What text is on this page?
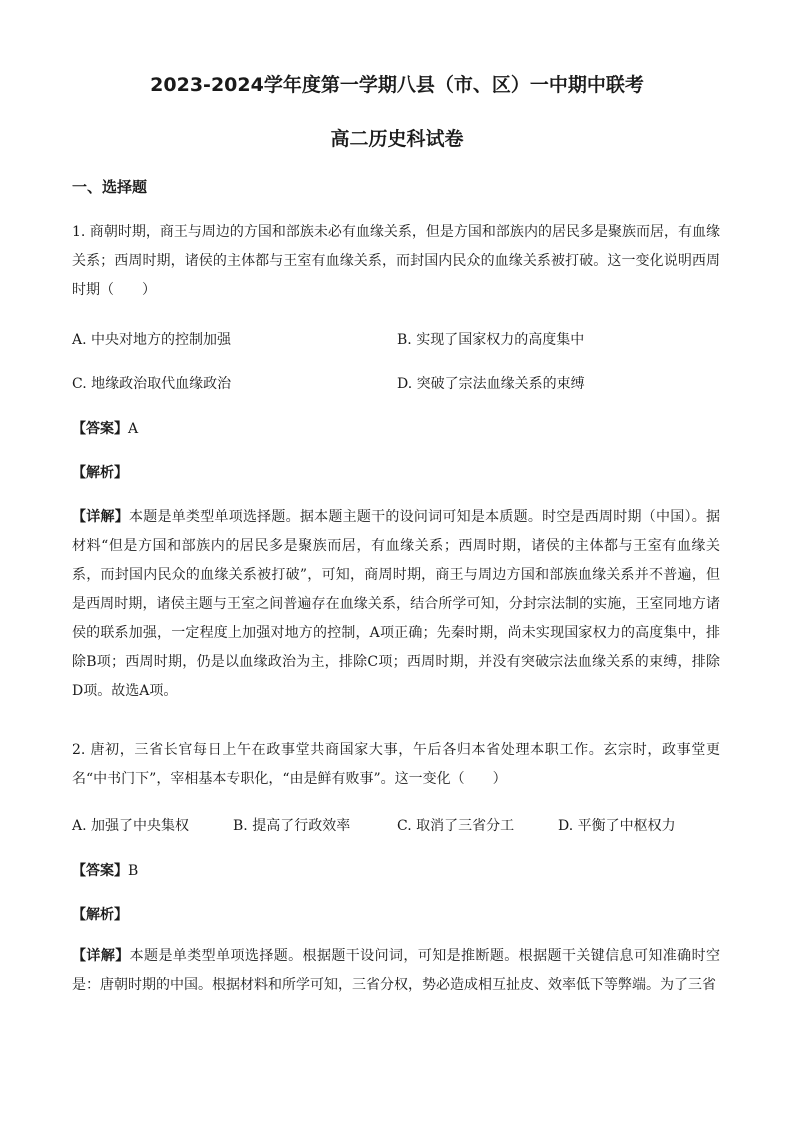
2023-2024学年度第一学期八县（市、区）一中期中联考
高二历史科试卷
一、选择题
1. 商朝时期，商王与周边的方国和部族未必有血缘关系，但是方国和部族内的居民多是聚族而居，有血缘关系；西周时期，诸侯的主体都与王室有血缘关系，而封国内民众的血缘关系被打破。这一变化说明西周时期（　　）
A. 中央对地方的控制加强	B. 实现了国家权力的高度集中
C. 地缘政治取代血缘政治	D. 突破了宗法血缘关系的束缚
【答案】A
【解析】
【详解】本题是单类型单项选择题。据本题主题干的设问词可知是本质题。时空是西周时期（中国）。据材料“但是方国和部族内的居民多是聚族而居，有血缘关系；西周时期，诸侯的主体都与王室有血缘关系，而封国内民众的血缘关系被打破”，可知，商周时期，商王与周边方国和部族血缘关系并不普遍，但是西周时期，诸侯主题与王室之间普遍存在血缘关系，结合所学可知，分封宗法制的实施，王室同地方诸侯的联系加强，一定程度上加强对地方的控制，A项正确；先秦时期，尚未实现国家权力的高度集中，排除B项；西周时期，仍是以血缘政治为主，排除C项；西周时期，并没有突破宗法血缘关系的束缚，排除D项。故选A项。
2. 唐初，三省长官每日上午在政事堂共商国家大事，午后各归本省处理本职工作。玄宗时，政事堂更名“中书门下”，宰相基本专职化，“由是鲜有败事”。这一变化（　　）
A. 加强了中央集权	B. 提高了行政效率	C. 取消了三省分工	D. 平衡了中枢权力
【答案】B
【解析】
【详解】本题是单类型单项选择题。根据题干设问词，可知是推断题。根据题干关键信息可知准确时空是：唐朝时期的中国。根据材料和所学可知，三省分权，势必造成相互扯皮、效率低下等弊端。为了三省
